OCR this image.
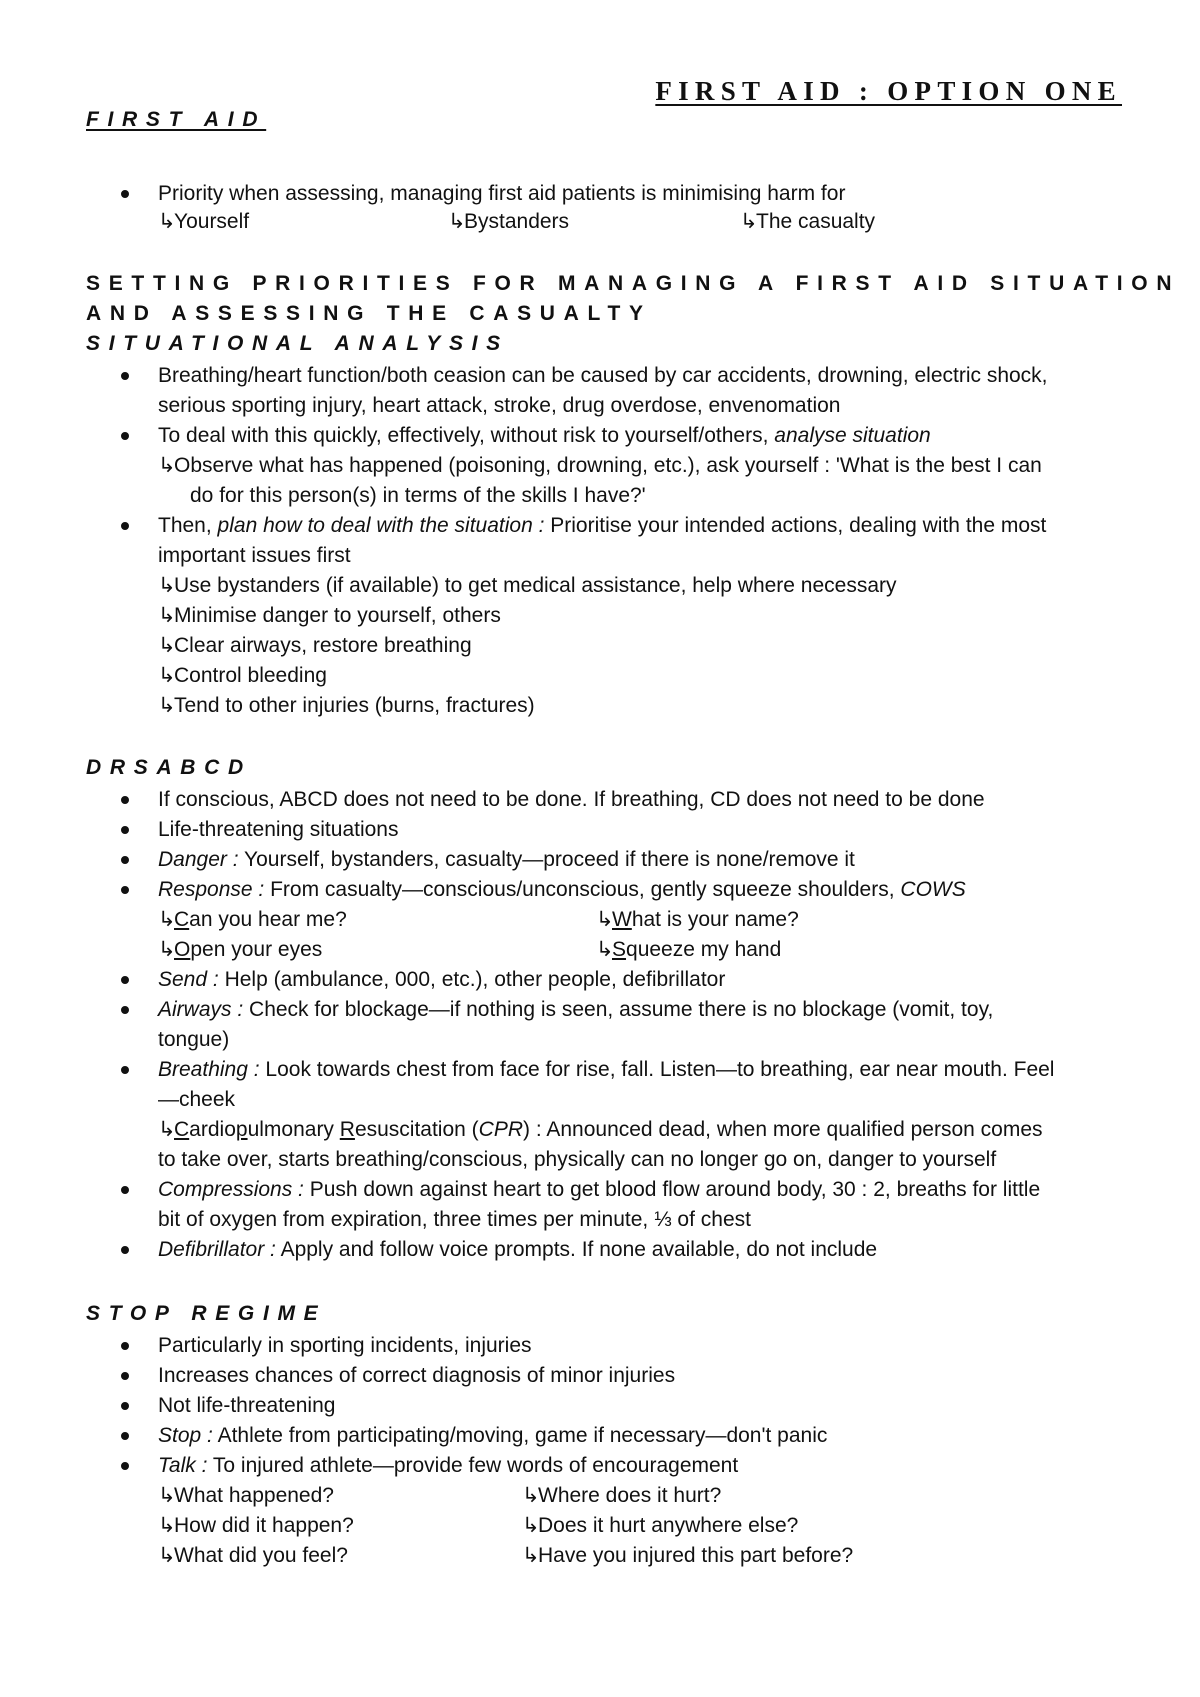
FIRST AID : OPTION ONE
FIRST AID
Priority when assessing, managing first aid patients is minimising harm for
↳Yourself	↳Bystanders	↳The casualty
SETTING PRIORITIES FOR MANAGING A FIRST AID SITUATION
AND ASSESSING THE CASUALTY
SITUATIONAL ANALYSIS
Breathing/heart function/both ceasion can be caused by car accidents, drowning, electric shock,
serious sporting injury, heart attack, stroke, drug overdose, envenomation
To deal with this quickly, effectively, without risk to yourself/others, analyse situation
↳Observe what has happened (poisoning, drowning, etc.), ask yourself : 'What is the best I can
do for this person(s) in terms of the skills I have?'
Then, plan how to deal with the situation : Prioritise your intended actions, dealing with the most
important issues first
↳Use bystanders (if available) to get medical assistance, help where necessary
↳Minimise danger to yourself, others
↳Clear airways, restore breathing
↳Control bleeding
↳Tend to other injuries (burns, fractures)
DRSABCD
If conscious, ABCD does not need to be done. If breathing, CD does not need to be done
Life-threatening situations
Danger : Yourself, bystanders, casualty—proceed if there is none/remove it
Response : From casualty—conscious/unconscious, gently squeeze shoulders, COWS
↳Can you hear me?	↳What is your name?
↳Open your eyes	↳Squeeze my hand
Send : Help (ambulance, 000, etc.), other people, defibrillator
Airways : Check for blockage—if nothing is seen, assume there is no blockage (vomit, toy,
tongue)
Breathing : Look towards chest from face for rise, fall. Listen—to breathing, ear near mouth. Feel
—cheek
↳Cardiopulmonary Resuscitation (CPR) : Announced dead, when more qualified person comes
to take over, starts breathing/conscious, physically can no longer go on, danger to yourself
Compressions : Push down against heart to get blood flow around body, 30 : 2, breaths for little
bit of oxygen from expiration, three times per minute, ⅓ of chest
Defibrillator : Apply and follow voice prompts. If none available, do not include
STOP REGIME
Particularly in sporting incidents, injuries
Increases chances of correct diagnosis of minor injuries
Not life-threatening
Stop : Athlete from participating/moving, game if necessary—don't panic
Talk : To injured athlete—provide few words of encouragement
↳What happened?	↳Where does it hurt?
↳How did it happen?	↳Does it hurt anywhere else?
↳What did you feel?	↳Have you injured this part before?
